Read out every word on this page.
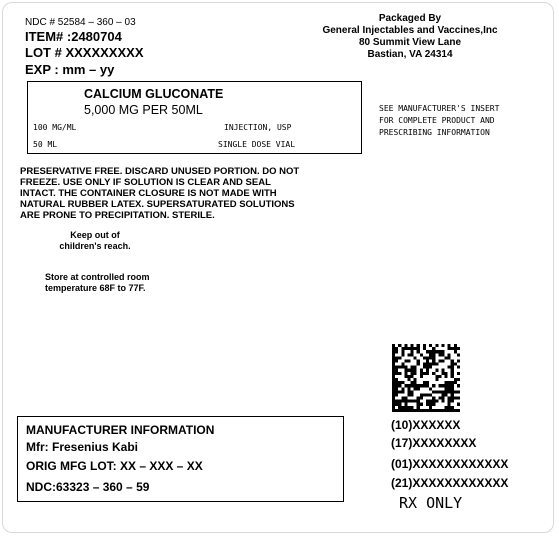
NDC # 52584 – 360 – 03
ITEM# :2480704
LOT # XXXXXXXXX
EXP : mm – yy
Packaged By
General Injectables and Vaccines,Inc
80 Summit View Lane
Bastian, VA 24314
CALCIUM GLUCONATE
5,000 MG PER 50ML
100 MG/ML	INJECTION, USP
50 ML	SINGLE DOSE VIAL
SEE MANUFACTURER'S INSERT
FOR COMPLETE PRODUCT AND
PRESCRIBING INFORMATION
PRESERVATIVE FREE. DISCARD UNUSED PORTION. DO NOT
FREEZE. USE ONLY IF SOLUTION IS CLEAR AND SEAL
INTACT. THE CONTAINER CLOSURE IS NOT MADE WITH
NATURAL RUBBER LATEX. SUPERSATURATED SOLUTIONS
ARE PRONE TO PRECIPITATION. STERILE.
Keep out of
children's reach.
Store at controlled room
temperature 68F to 77F.
MANUFACTURER INFORMATION
Mfr: Fresenius Kabi
ORIG MFG LOT: XX – XXX – XX
NDC:63323 – 360 – 59
(10)XXXXXX
(17)XXXXXXXX
(01)XXXXXXXXXXXX
(21)XXXXXXXXXXXX
RX ONLY
